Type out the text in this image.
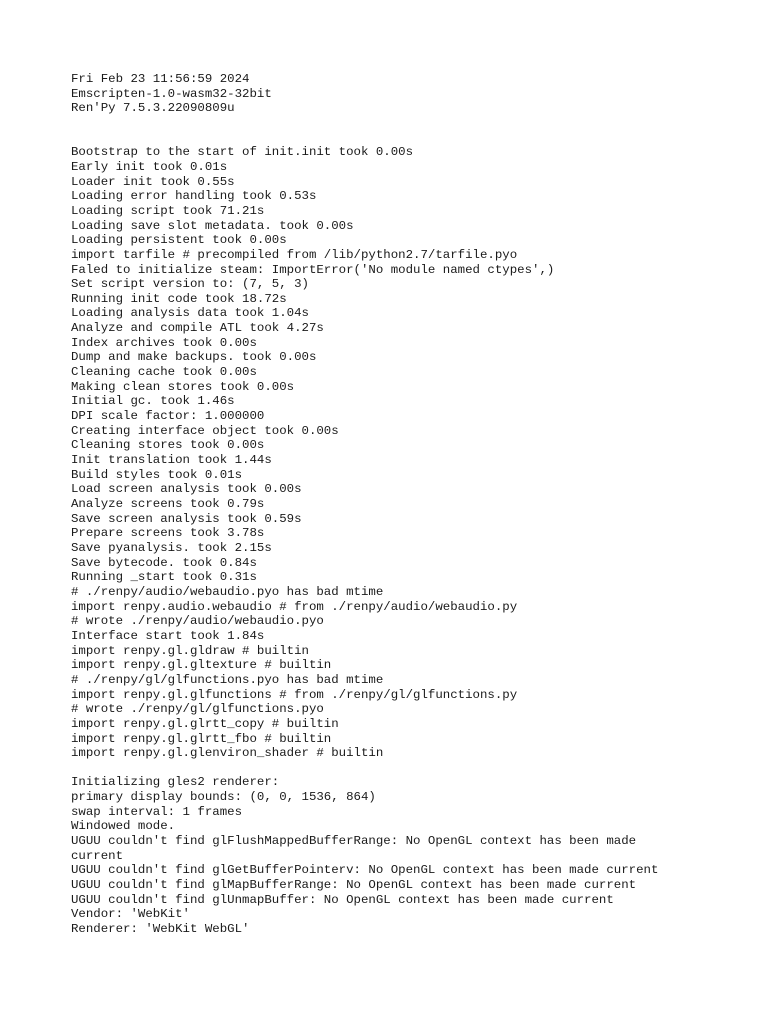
Fri Feb 23 11:56:59 2024
Emscripten-1.0-wasm32-32bit
Ren'Py 7.5.3.22090809u
Bootstrap to the start of init.init took 0.00s
Early init took 0.01s
Loader init took 0.55s
Loading error handling took 0.53s
Loading script took 71.21s
Loading save slot metadata. took 0.00s
Loading persistent took 0.00s
import tarfile # precompiled from /lib/python2.7/tarfile.pyo
Faled to initialize steam: ImportError('No module named ctypes',)
Set script version to: (7, 5, 3)
Running init code took 18.72s
Loading analysis data took 1.04s
Analyze and compile ATL took 4.27s
Index archives took 0.00s
Dump and make backups. took 0.00s
Cleaning cache took 0.00s
Making clean stores took 0.00s
Initial gc. took 1.46s
DPI scale factor: 1.000000
Creating interface object took 0.00s
Cleaning stores took 0.00s
Init translation took 1.44s
Build styles took 0.01s
Load screen analysis took 0.00s
Analyze screens took 0.79s
Save screen analysis took 0.59s
Prepare screens took 3.78s
Save pyanalysis. took 2.15s
Save bytecode. took 0.84s
Running _start took 0.31s
# ./renpy/audio/webaudio.pyo has bad mtime
import renpy.audio.webaudio # from ./renpy/audio/webaudio.py
# wrote ./renpy/audio/webaudio.pyo
Interface start took 1.84s
import renpy.gl.gldraw # builtin
import renpy.gl.gltexture # builtin
# ./renpy/gl/glfunctions.pyo has bad mtime
import renpy.gl.glfunctions # from ./renpy/gl/glfunctions.py
# wrote ./renpy/gl/glfunctions.pyo
import renpy.gl.glrtt_copy # builtin
import renpy.gl.glrtt_fbo # builtin
import renpy.gl.glenviron_shader # builtin
Initializing gles2 renderer:
primary display bounds: (0, 0, 1536, 864)
swap interval: 1 frames
Windowed mode.
UGUU couldn't find glFlushMappedBufferRange: No OpenGL context has been made
current
UGUU couldn't find glGetBufferPointerv: No OpenGL context has been made current
UGUU couldn't find glMapBufferRange: No OpenGL context has been made current
UGUU couldn't find glUnmapBuffer: No OpenGL context has been made current
Vendor: 'WebKit'
Renderer: 'WebKit WebGL'
